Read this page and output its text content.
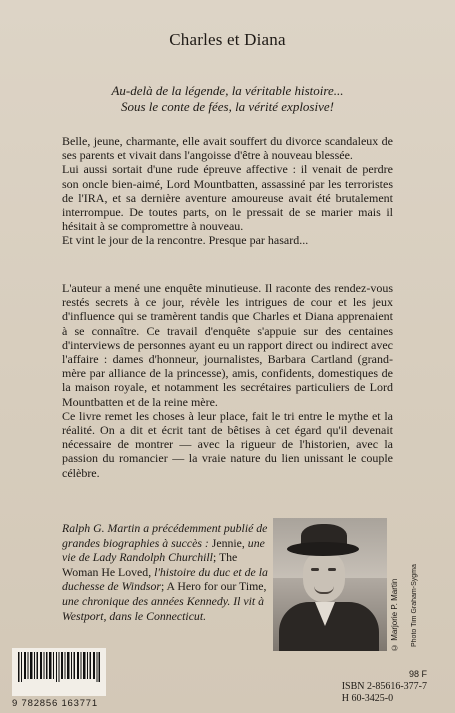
Charles et Diana
Au-delà de la légende, la véritable histoire...
Sous le conte de fées, la vérité explosive!

Belle, jeune, charmante, elle avait souffert du divorce scandaleux de ses parents et vivait dans l'angoisse d'être à nouveau blessée.

Lui aussi sortait d'une rude épreuve affective : il venait de perdre son oncle bien-aimé, Lord Mountbatten, assassiné par les terroristes de l'IRA, et sa dernière aventure amoureuse avait été brutalement interrompue. De toutes parts, on le pressait de se marier mais il hésitait à se compromettre à nouveau.

Et vint le jour de la rencontre. Presque par hasard...

L'auteur a mené une enquête minutieuse. Il raconte des rendez-vous restés secrets à ce jour, révèle les intrigues de cour et les jeux d'influence qui se tramèrent tandis que Charles et Diana apprenaient à se connaître. Ce travail d'enquête s'appuie sur des centaines d'interviews de personnes ayant eu un rapport direct ou indirect avec l'affaire : dames d'honneur, journalistes, Barbara Cartland (grand-mère par alliance de la princesse), amis, confidents, domestiques de la maison royale, et notamment les secrétaires particuliers de Lord Mountbatten et de la reine mère.

Ce livre remet les choses à leur place, fait le tri entre le mythe et la réalité. On a dit et écrit tant de bêtises à cet égard qu'il devenait nécessaire de montrer — avec la rigueur de l'historien, avec la passion du romancier — la vraie nature du lien unissant le couple célèbre.

Ralph G. Martin a précédemment publié de grandes biographies à succès : Jennie, une vie de Lady Randolph Churchill; The Woman He Loved, l'histoire du duc et de la duchesse de Windsor; A Hero for our Time, une chronique des années Kennedy. Il vit à Westport, dans le Connecticut.	© Marjorie P. Martin	Photo Tim Graham-Sygma
9 782856 163771
98 F
ISBN 2-85616-377-7
H 60-3425-0
